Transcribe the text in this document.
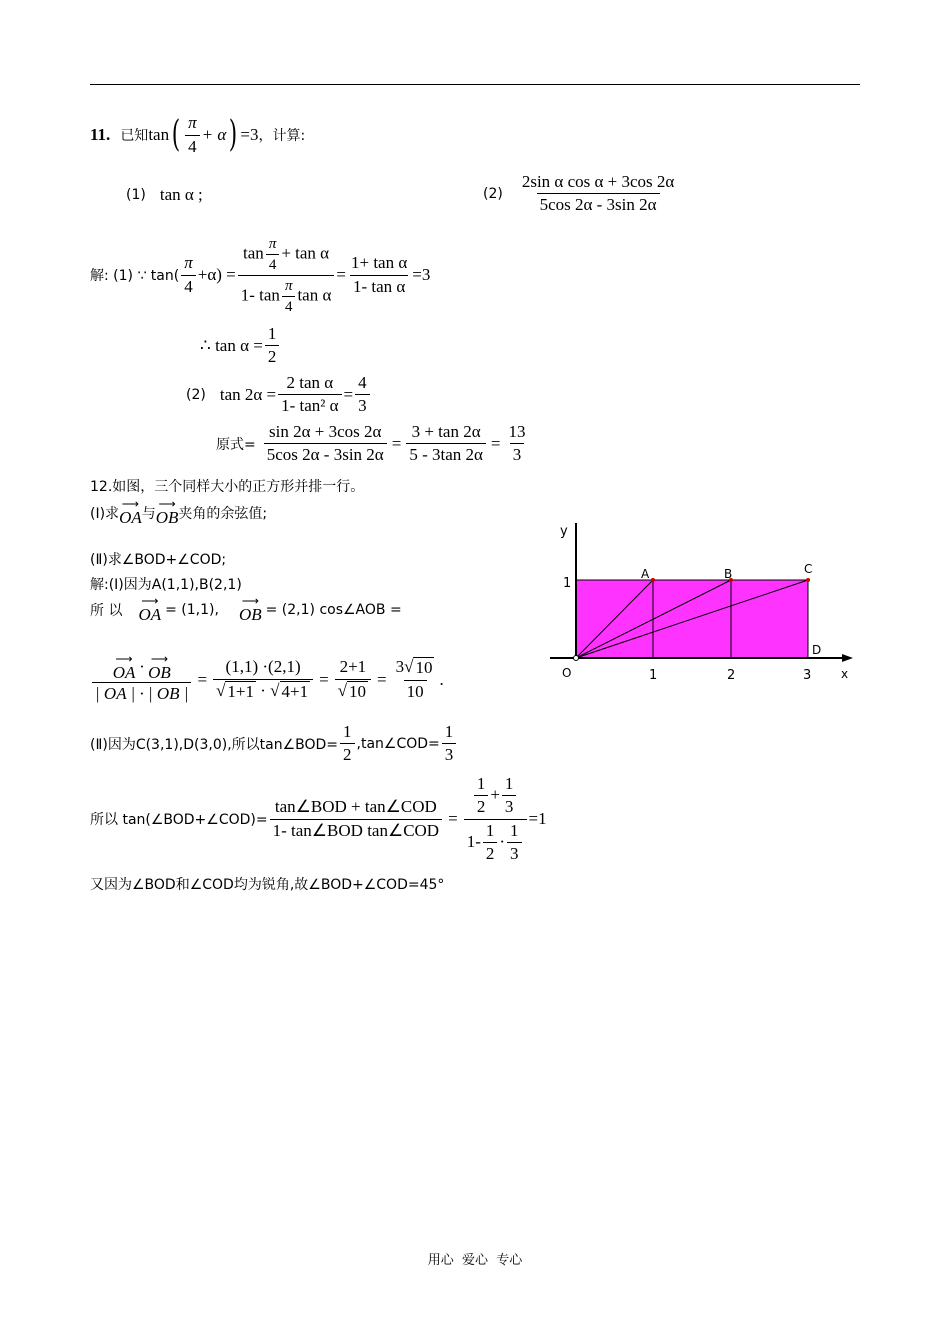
11. 已知 tan ( $\frac{\pi}{4} + \alpha$ ) =3 ，计算:
(1) tan α ;	$(2) \frac{\text{2sin α cos α + 3cos 2α}}{5\cos 2\alpha - 3\sin 2\alpha}$
解: (1) ∵ $\tan( \frac{\pi}{4} +\alpha) = \frac{\tan \frac{\pi}{4} + \tan \alpha}{1- \tan \frac{\pi}{4} \tan \alpha} = \frac{\text{1+ tan α}}{\text{1- tan α}} =3$
∴ $\tan \alpha = \frac{1}{2}$
(2) $\tan 2\alpha = \frac{\text{2 tan α}}{\text{1- tan² α}} = \frac{4}{3}$
原式= $\frac{\sin 2\alpha + 3\cos 2\alpha}{5\cos 2\alpha - 3\sin 2\alpha} = \frac{3 + \tan 2\alpha}{5 - 3\tan 2\alpha} = \frac{13}{3}$
12.如图，三个同样大小的正方形并排一行。
(Ⅰ)求
⟶
OA 与
⟶
OB 夹角的余弦值;
(Ⅱ)求∠BOD+∠COD;
解:(Ⅰ)因为A(1,1),B(2,1)
所 以
⟶
OA = (1,1),
⟶
OB = (2,1) cos∠AOB =
⟶
OA · ⟶
OB
| OA | · | OB | = $\frac{(1,1) \cdot(2,1)}{√ 1+1 \cdot √ 4+1} = \frac{2+1}{√ 10} = \frac{3√ 10}{10}$ .
(Ⅱ)因为C(3,1),D(3,0),所以tan∠BOD= $\frac{1}{2}$ ,tan∠COD= $\frac{1}{3}$
所以 tan(∠BOD+∠COD)= $\frac{\text{tan∠BOD + tan∠COD}}{\text{1- tan∠BOD tan∠COD}} = \frac{\frac{1}{2} + \frac{1}{3}}{1- \frac{1}{2} \cdot \frac{1}{3}} =1$
又因为∠BOD和∠COD均为锐角,故∠BOD+∠COD=45°
y
1
A	B	C
D
O	1	2	3 x
用心  爱心  专心
